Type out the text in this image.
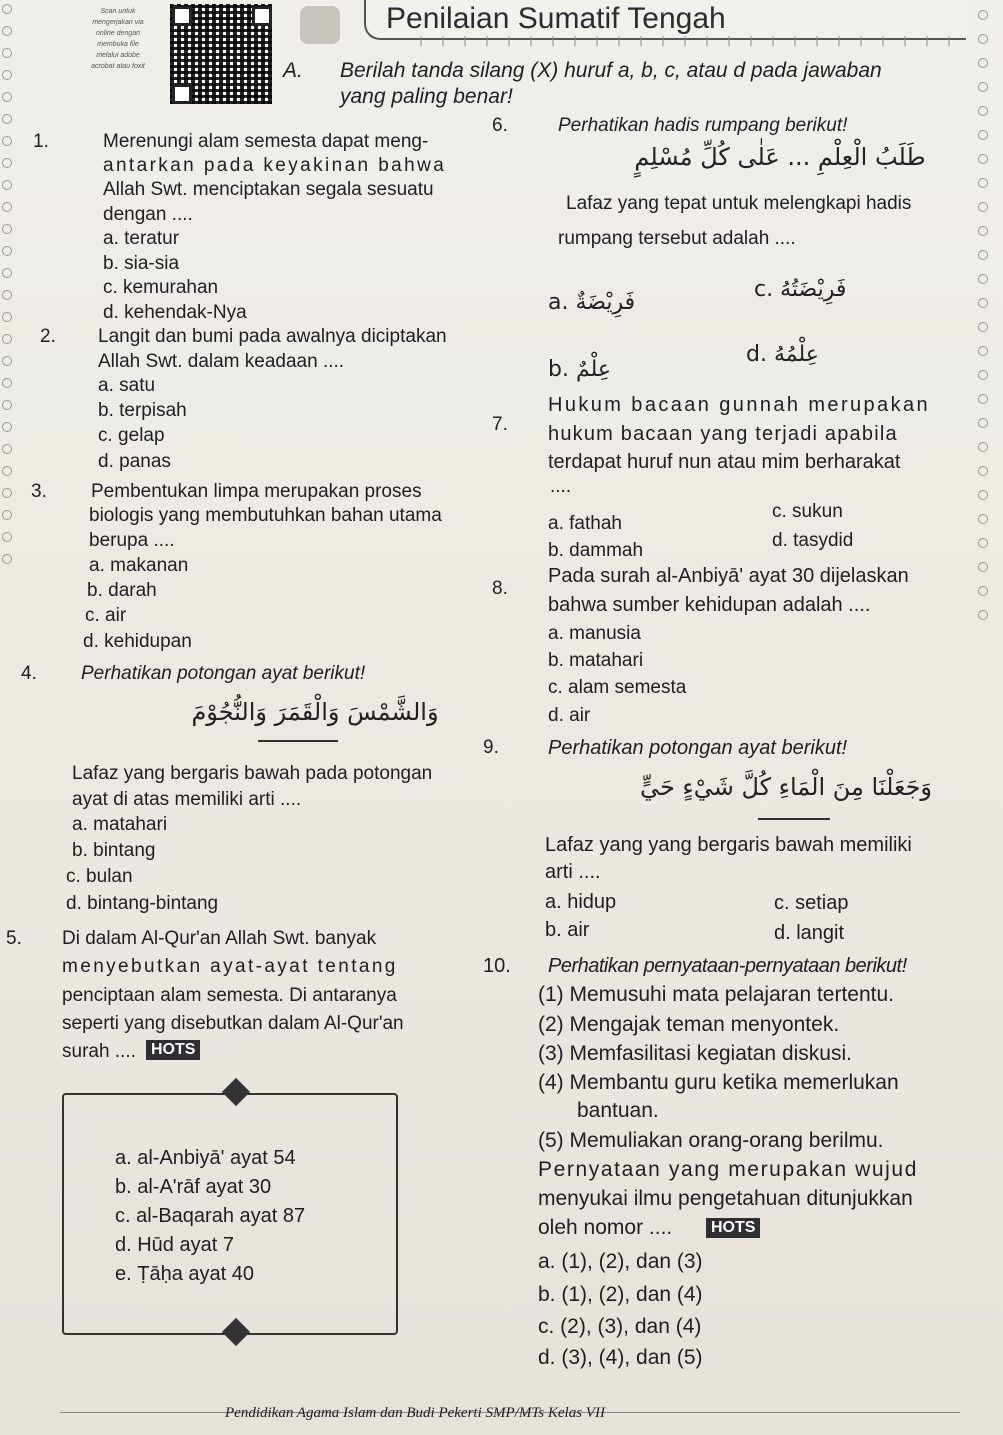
Scan untuk
mengerjakan via
online dengan
membuka file
melalui adobe
acrobat atau foxit
Penilaian Sumatif Tengah
A. Berilah tanda silang (X) huruf a, b, c, atau d pada jawaban
yang paling benar!
1.	Merenungi alam semesta dapat meng-
antarkan pada keyakinan bahwa
Allah Swt. menciptakan segala sesuatu
dengan ....
a. teratur
b. sia-sia
c. kemurahan
d. kehendak-Nya
2. Langit dan bumi pada awalnya diciptakan
Allah Swt. dalam keadaan ....
a. satu
b. terpisah
c. gelap
d. panas
3. Pembentukan limpa merupakan proses
biologis yang membutuhkan bahan utama
berupa ....
a. makanan
b. darah
c. air
d. kehidupan
4. Perhatikan potongan ayat berikut!
وَالشَّمْسَ وَالْقَمَرَ وَالنُّجُوْمَ
Lafaz yang bergaris bawah pada potongan
ayat di atas memiliki arti ....
a. matahari
b. bintang
c. bulan
d. bintang-bintang
5. Di dalam Al-Qur'an Allah Swt. banyak
menyebutkan ayat-ayat tentang
penciptaan alam semesta. Di antaranya
seperti yang disebutkan dalam Al-Qur'an
surah .... HOTS
a. al-Anbiyā' ayat 54
b. al-A'rāf ayat 30
c. al-Baqarah ayat 87
d. Hūd ayat 7
e. Ṭāḥa ayat 40
6.	Perhatikan hadis rumpang berikut!
طَلَبُ الْعِلْمِ ... عَلٰى كُلِّ مُسْلِمٍ
Lafaz yang tepat untuk melengkapi hadis
rumpang tersebut adalah ....
a. فَرِيْضَةٌ
b. عِلْمٌ
c. فَرِيْضَتُهُ
d. عِلْمُهُ
7.
Hukum bacaan gunnah merupakan
hukum bacaan yang terjadi apabila
terdapat huruf nun atau mim berharakat
....
a. fathah
b. dammah
c. sukun
d. tasydid
8.
Pada surah al-Anbiyā' ayat 30 dijelaskan
bahwa sumber kehidupan adalah ....
a. manusia
b. matahari
c. alam semesta
d. air
9. Perhatikan potongan ayat berikut!
وَجَعَلْنَا مِنَ الْمَاءِ كُلَّ شَيْءٍ حَيٍّ
Lafaz yang yang bergaris bawah memiliki
arti ....
a. hidup
b. air
c. setiap
d. langit
10. Perhatikan pernyataan-pernyataan berikut!
(1) Memusuhi mata pelajaran tertentu.
(2) Mengajak teman menyontek.
(3) Memfasilitasi kegiatan diskusi.
(4) Membantu guru ketika memerlukan
bantuan.
(5) Memuliakan orang-orang berilmu.
Pernyataan yang merupakan wujud
menyukai ilmu pengetahuan ditunjukkan
oleh nomor ....	HOTS
a. (1), (2), dan (3)
b. (1), (2), dan (4)
c. (2), (3), dan (4)
d. (3), (4), dan (5)
Pendidikan Agama Islam dan Budi Pekerti SMP/MTs Kelas VII
